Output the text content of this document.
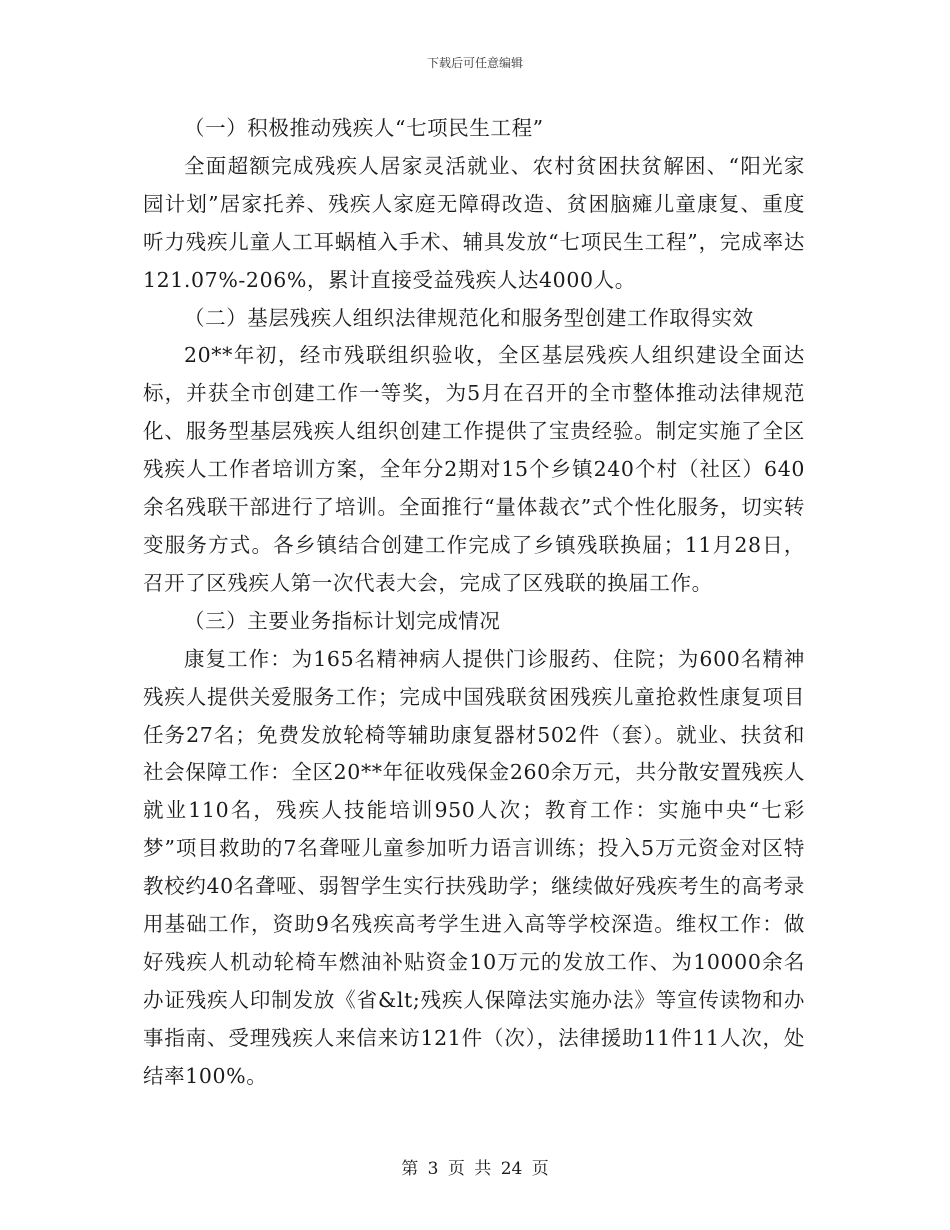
下载后可任意编辑

（一）积极推动残疾人“七项民生工程”

全面超额完成残疾人居家灵活就业、农村贫困扶贫解困、“阳光家园计划”居家托养、残疾人家庭无障碍改造、贫困脑瘫儿童康复、重度听力残疾儿童人工耳蜗植入手术、辅具发放“七项民生工程”，完成率达121.07%-206%，累计直接受益残疾人达4000人。

（二）基层残疾人组织法律规范化和服务型创建工作取得实效

20**年初，经市残联组织验收，全区基层残疾人组织建设全面达标，并获全市创建工作一等奖，为5月在召开的全市整体推动法律规范化、服务型基层残疾人组织创建工作提供了宝贵经验。制定实施了全区残疾人工作者培训方案，全年分2期对15个乡镇240个村（社区）640余名残联干部进行了培训。全面推行“量体裁衣”式个性化服务，切实转变服务方式。各乡镇结合创建工作完成了乡镇残联换届；11月28日，召开了区残疾人第一次代表大会，完成了区残联的换届工作。

（三）主要业务指标计划完成情况

康复工作：为165名精神病人提供门诊服药、住院；为600名精神残疾人提供关爱服务工作；完成中国残联贫困残疾儿童抢救性康复项目任务27名；免费发放轮椅等辅助康复器材502件（套）。就业、扶贫和社会保障工作：全区20**年征收残保金260余万元，共分散安置残疾人就业110名，残疾人技能培训950人次；教育工作：实施中央“七彩梦”项目救助的7名聋哑儿童参加听力语言训练；投入5万元资金对区特教校约40名聋哑、弱智学生实行扶残助学；继续做好残疾考生的高考录用基础工作，资助9名残疾高考学生进入高等学校深造。维权工作：做好残疾人机动轮椅车燃油补贴资金10万元的发放工作、为10000余名办证残疾人印制发放《省&lt;残疾人保障法实施办法》等宣传读物和办事指南、受理残疾人来信来访121件（次），法律援助11件11人次，处结率100%。

第 3 页 共 24 页
